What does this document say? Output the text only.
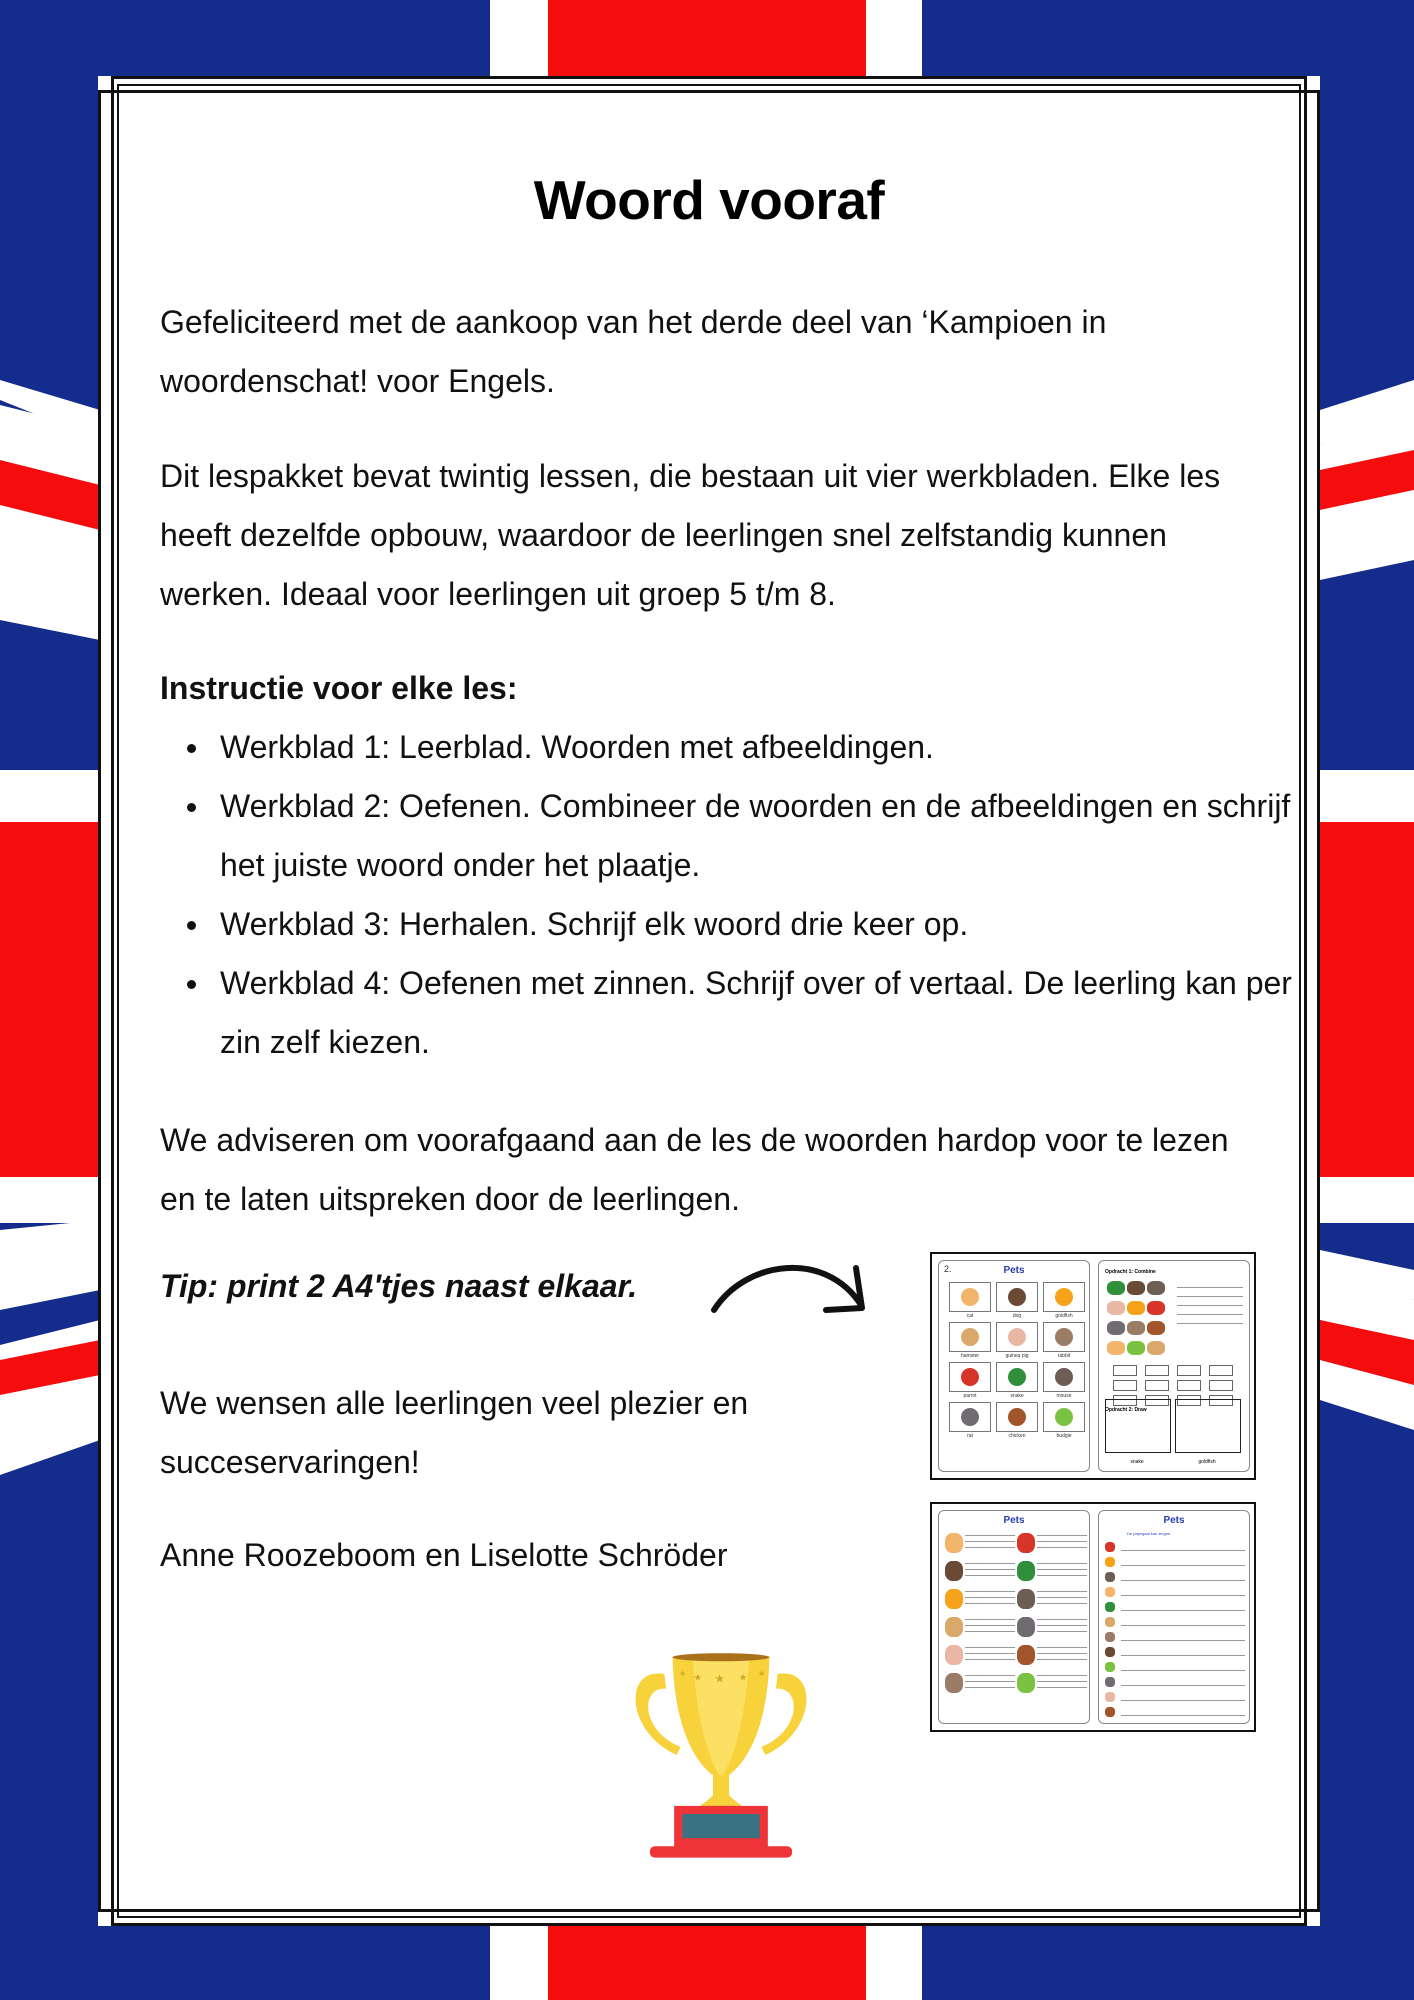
Woord vooraf
Gefeliciteerd met de aankoop van het derde deel van ‘Kampioen in woordenschat! voor Engels.
Dit lespakket bevat twintig lessen, die bestaan uit vier werkbladen. Elke les heeft dezelfde opbouw, waardoor de leerlingen snel zelfstandig kunnen werken. Ideaal voor leerlingen uit groep 5 t/m 8.
Instructie voor elke les:
Werkblad 1: Leerblad. Woorden met afbeeldingen.
Werkblad 2: Oefenen. Combineer de woorden en de afbeeldingen en schrijf het juiste woord onder het plaatje.
Werkblad 3: Herhalen. Schrijf elk woord drie keer op.
Werkblad 4: Oefenen met zinnen. Schrijf over of vertaal. De leerling kan per zin zelf kiezen.
We adviseren om voorafgaand aan de les de woorden hardop voor te lezen en te laten uitspreken door de leerlingen.
Tip: print 2 A4'tjes naast elkaar.
We wensen alle leerlingen veel plezier en succeservaringen!
Anne Roozeboom en Liselotte Schröder
2.	Pets
cat	dog	goldfish
hamster	guinea pig	rabbit
parrot	snake	mouse
rat	chicken	budgie
Opdracht 1: Combine
Opdracht 2: Draw
snake	goldfish
Pets	Pets
De papegaai kan zingen.
★ ★ ★ ★ ★
